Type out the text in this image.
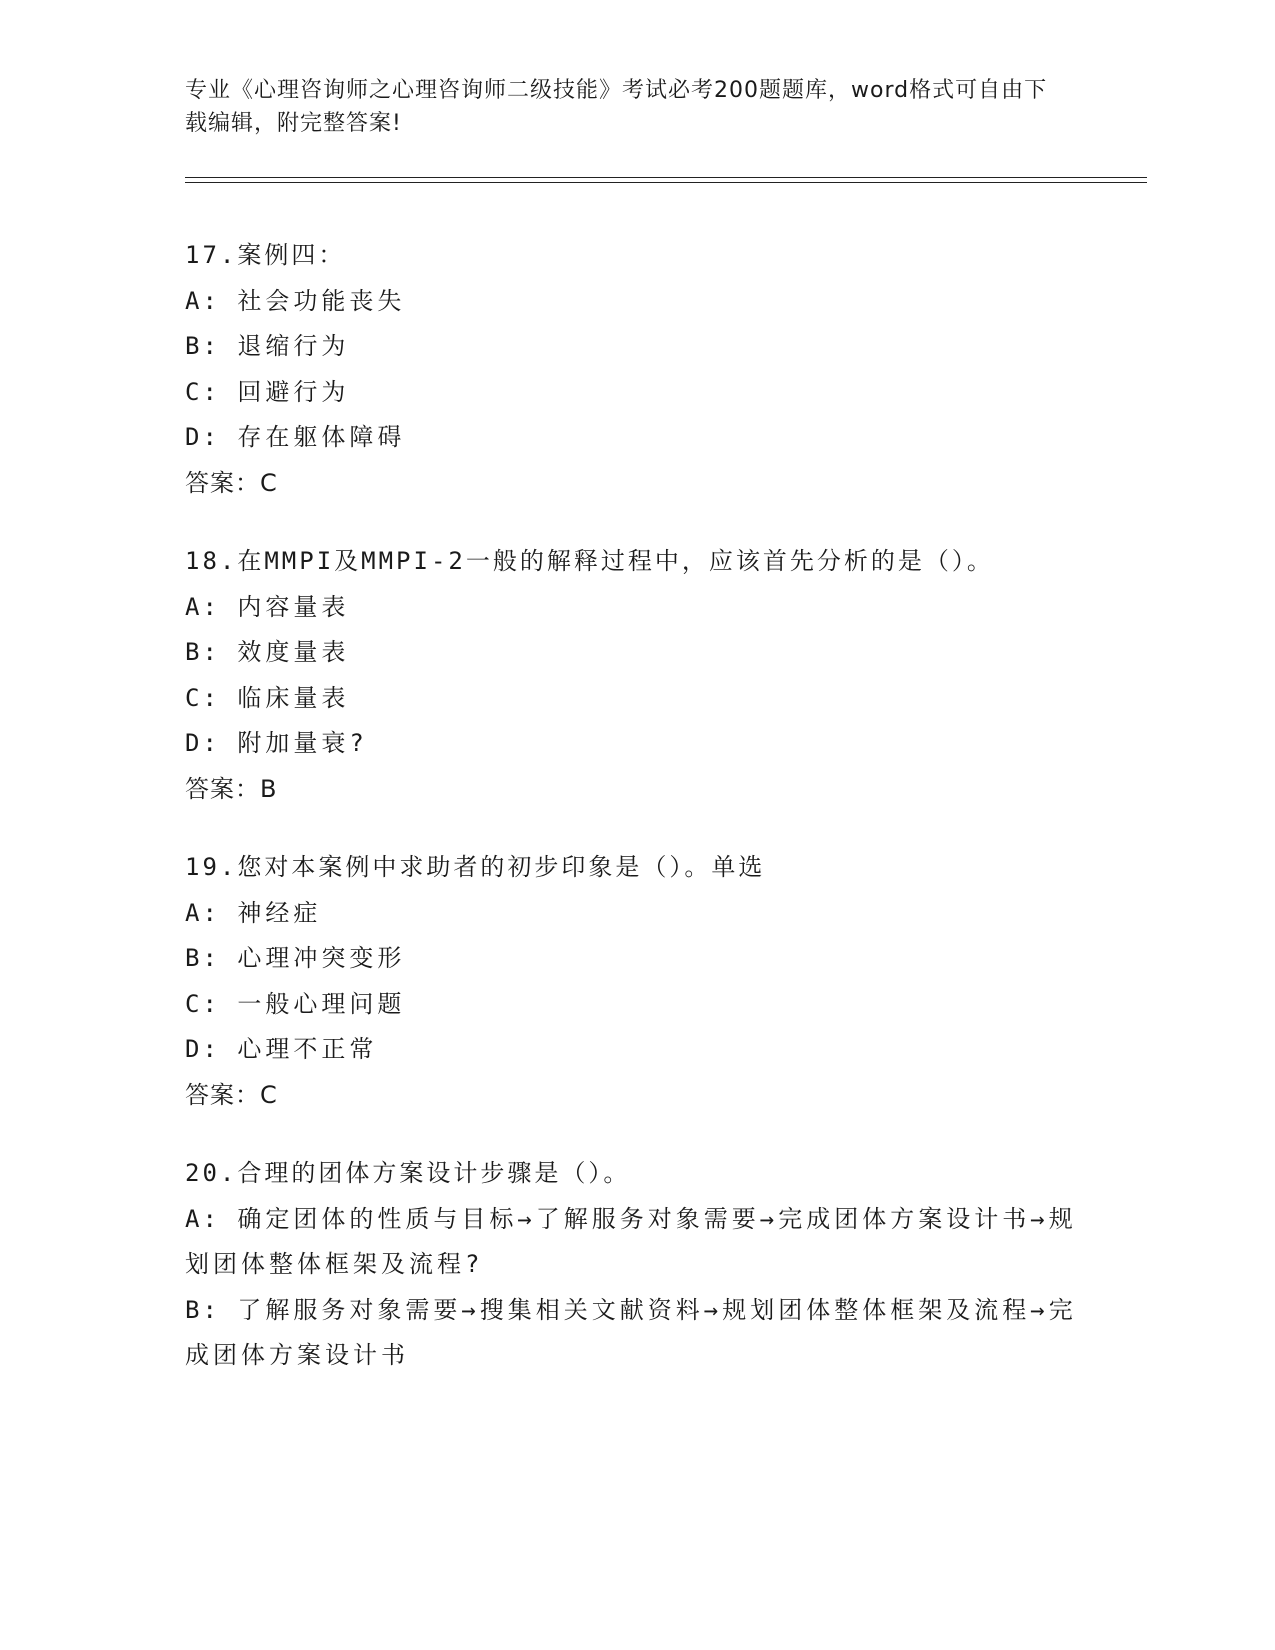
专业《心理咨询师之心理咨询师二级技能》考试必考200题题库，word格式可自由下载编辑，附完整答案!
17.案例四：
A: 社会功能丧失
B: 退缩行为
C: 回避行为
D: 存在躯体障碍
答案：C
18.在MMPI及MMPI-2一般的解释过程中，应该首先分析的是（）。
A: 内容量表
B: 效度量表
C: 临床量表
D: 附加量衰?
答案：B
19.您对本案例中求助者的初步印象是（）。单选
A: 神经症
B: 心理冲突变形
C: 一般心理问题
D: 心理不正常
答案：C
20.合理的团体方案设计步骤是（）。
A: 确定团体的性质与目标→了解服务对象需要→完成团体方案设计书→规划团体整体框架及流程?
B: 了解服务对象需要→搜集相关文献资料→规划团体整体框架及流程→完成团体方案设计书
